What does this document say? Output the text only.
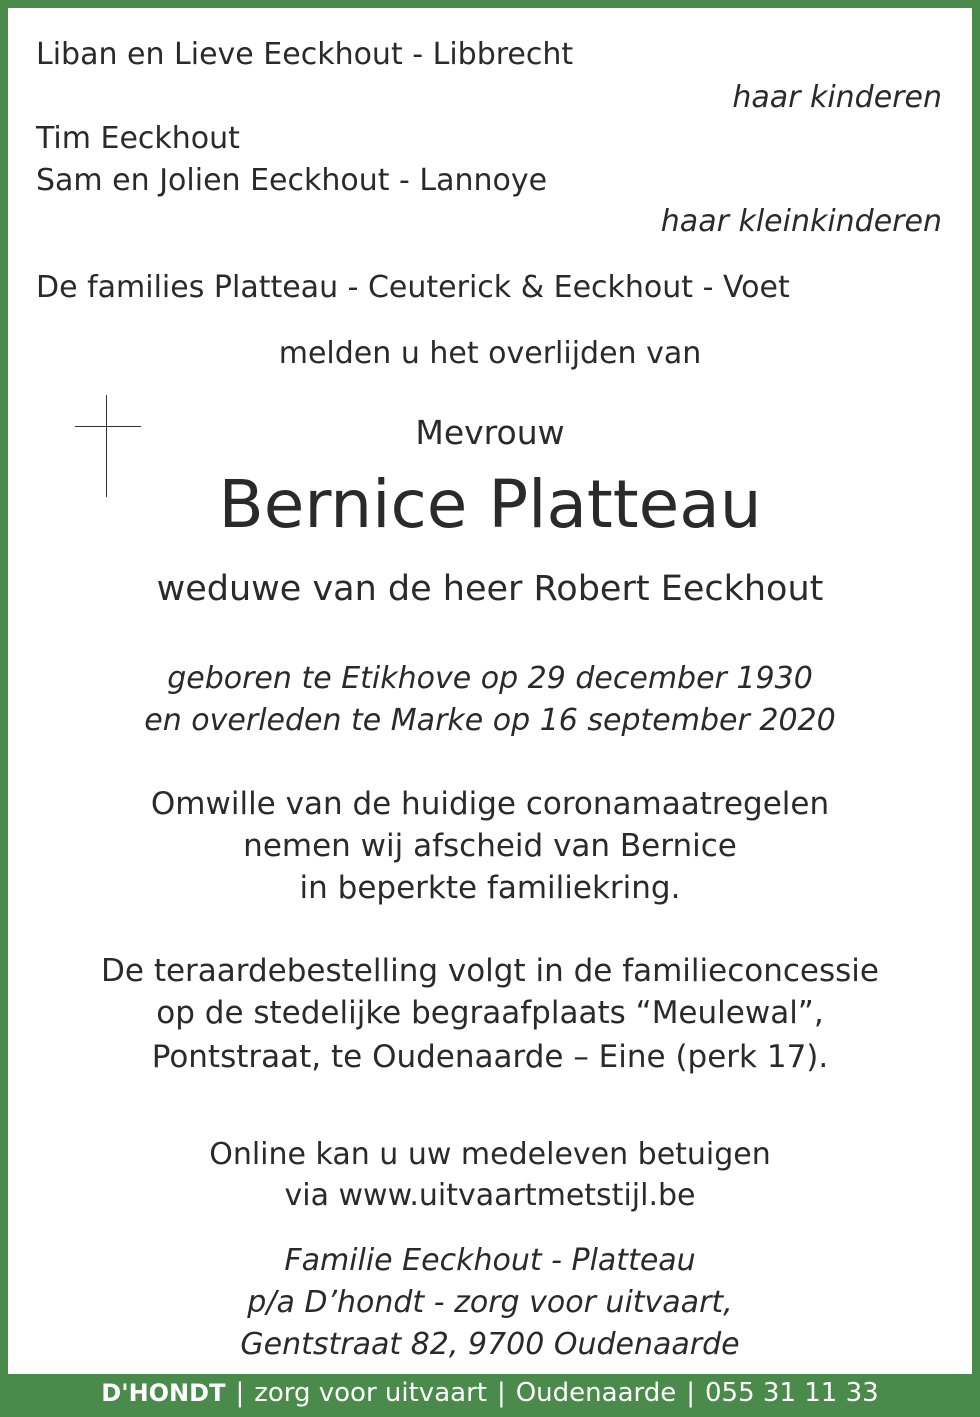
Liban en Lieve Eeckhout - Libbrecht

haar kinderen

Tim Eeckhout

Sam en Jolien Eeckhout - Lannoye

haar kleinkinderen

De families Platteau - Ceuterick & Eeckhout - Voet

melden u het overlijden van

Mevrouw

Bernice Platteau

weduwe van de heer Robert Eeckhout

geboren te Etikhove op 29 december 1930

en overleden te Marke op 16 september 2020

Omwille van de huidige coronamaatregelen

nemen wij afscheid van Bernice

in beperkte familiekring.

De teraardebestelling volgt in de familieconcessie

op de stedelijke begraafplaats “Meulewal”,

Pontstraat, te Oudenaarde – Eine (perk 17).

Online kan u uw medeleven betuigen

via www.uitvaartmetstijl.be

Familie Eeckhout - Platteau

p/a D’hondt - zorg voor uitvaart,

Gentstraat 82, 9700 Oudenaarde

D'HONDT | zorg voor uitvaart | Oudenaarde | 055 31 11 33
